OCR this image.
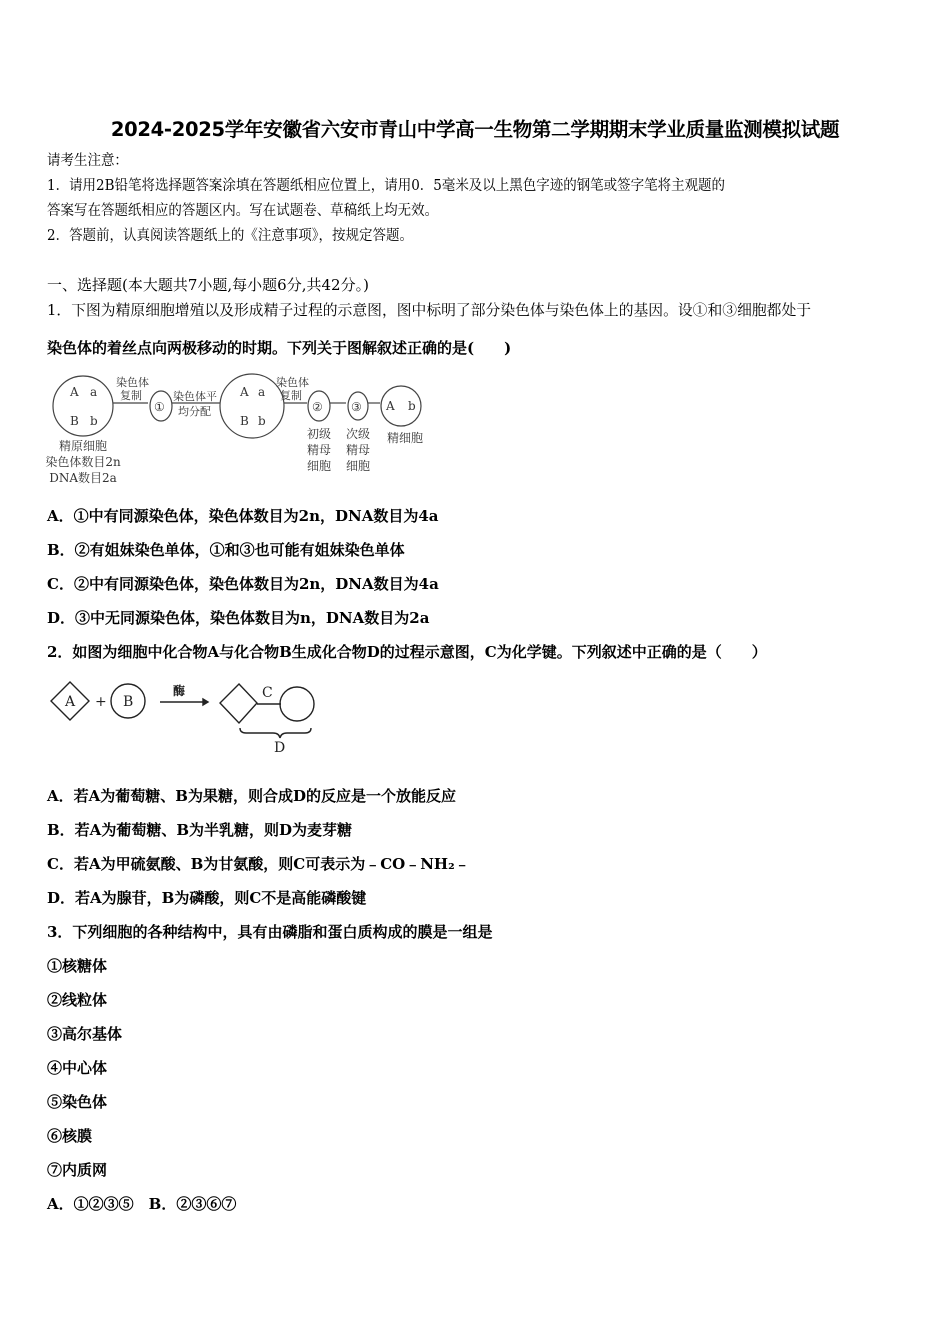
2024-2025学年安徽省六安市青山中学高一生物第二学期期末学业质量监测模拟试题
请考生注意：
1．请用2B铅笔将选择题答案涂填在答题纸相应位置上，请用0．5毫米及以上黑色字迹的钢笔或签字笔将主观题的
答案写在答题纸相应的答题区内。写在试题卷、草稿纸上均无效。
2．答题前，认真阅读答题纸上的《注意事项》，按规定答题。
一、选择题(本大题共7小题,每小题6分,共42分。)
1．下图为精原细胞增殖以及形成精子过程的示意图，图中标明了部分染色体与染色体上的基因。设①和③细胞都处于
染色体的着丝点向两极移动的时期。下列关于图解叙述正确的是(　　)
A a
B b
A a
B b
A b
染色体
复制
①
染色体平
均分配
染色体
复制
② ③
精原细胞
染色体数目2n
DNA数目2a
初级
精母
细胞
次级
精母
细胞
精细胞
A．①中有同源染色体，染色体数目为2n，DNA数目为4a
B．②有姐妹染色单体，①和③也可能有姐妹染色单体
C．②中有同源染色体，染色体数目为2n，DNA数目为4a
D．③中无同源染色体，染色体数目为n，DNA数目为2a
2．如图为细胞中化合物A与化合物B生成化合物D的过程示意图，C为化学键。下列叙述中正确的是（　　）
A + B
酶	C
D
A．若A为葡萄糖、B为果糖，则合成D的反应是一个放能反应
B．若A为葡萄糖、B为半乳糖，则D为麦芽糖
C．若A为甲硫氨酸、B为甘氨酸，则C可表示为﹣CO﹣NH₂﹣
D．若A为腺苷，B为磷酸，则C不是高能磷酸键
3．下列细胞的各种结构中，具有由磷脂和蛋白质构成的膜是一组是
①核糖体
②线粒体
③高尔基体
④中心体
⑤染色体
⑥核膜
⑦内质网
A．①②③⑤　B．②③⑥⑦
